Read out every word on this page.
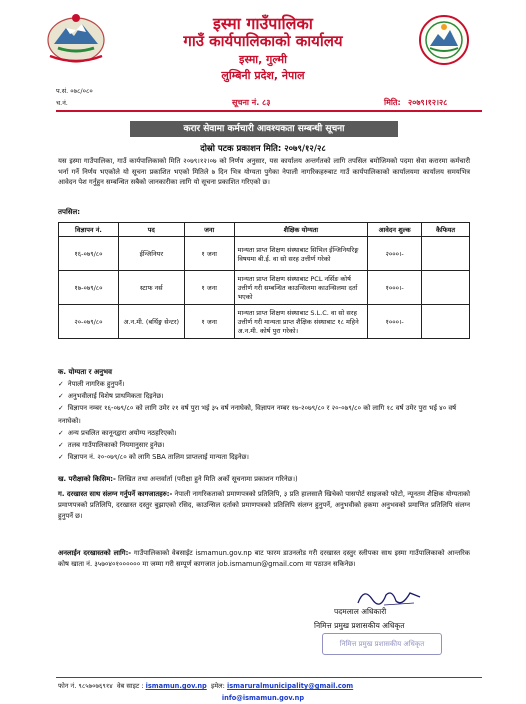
इस्मा गाउँपालिका
गाउँ कार्यपालिकाको कार्यालय
इस्मा, गुल्मी
लुम्बिनी प्रदेश, नेपाल
प.सं. ०७८/०८०
च.नं.	सूचना नं. ८३	मिति: २०७९।१२।२८
करार सेवामा कर्मचारी आवश्यकता सम्बन्धी सूचना
दोस्रो पटक प्रकाशन मिति: २०७९/१२/२८
यस इस्मा गाउँपालिका, गाउँ कार्यपालिकाको मिति २०७९।१२।०७ को निर्णय अनुसार, यस कार्यालय अन्तर्गतको लागि तपसिल बमोजिमको पदमा सेवा करारमा कर्मचारी भर्ना गर्ने निर्णय भएकोले यो सूचना प्रकाशित भएको मितिले ७ दिन भित्र योग्यता पुगेका नेपाली नागरिकहरुबाट गाउँ कार्यपालिकाको कार्यालयमा कार्यालय समयभित्र आवेदन पेश गर्नुहुन सम्बन्धित सबैको जानकारीका लागि यो सूचना प्रकाशित गरिएको छ।
तपसिल:
विज्ञापन नं.	पद	जना	शैक्षिक योग्यता	आवेदन शुल्क	कैफियत
१६-०७९/८०	ईन्जिनियर	१ जना	मान्यता प्राप्त शिक्षण संस्थाबाट सिभिल ईन्जिनियरिङ्ग विषयमा बी.ई. वा सो सरह उत्तीर्ण गरेको	२०००।-	
१७-०७९/८०	स्टाफ नर्स	१ जना	मान्यता प्राप्त शिक्षण संस्थाबाट PCL नर्सिङ कोर्ष उत्तीर्ण गरी सम्बन्धित काउन्सिलमा काउन्सिलमा दर्ता भएको	१०००।-	
२०-०७९/८०	अ.न.मी. (बर्थिङ्ग सेन्टर)	१ जना	मान्यता प्राप्त शिक्षण संस्थाबाट S.L.C. वा सो सरह उत्तीर्ण गरी मान्यता प्राप्त शैक्षिक संस्थाबाट १८ महिने अ.न.मी. कोर्ष पुरा गरेको।	१०००।-	
क. योग्यता र अनुभव
✓ नेपाली नागरिक हुनुपर्ने।
✓ अनुभवीलाई विशेष प्राथमिकता दिइनेछ।
✓ विज्ञापन नम्बर १६-०७९/८० को लागि उमेर २१ वर्ष पुरा भई ३५ वर्ष ननाघेको, विज्ञापन नम्बर १७-२०७९/८० र २०-०७९/८० को लागि १८ वर्ष उमेर पुरा भई ४० वर्ष ननाघेको।
✓ अन्य प्रचलित कानूनद्वारा अयोग्य नठहरिएको।
✓ तलब गाउँपालिकाको नियमानुसार हुनेछ।
✓ विज्ञापन नं. २०-०७९/८० को लागि SBA तालिम प्राप्तलाई मान्यता दिइनेछ।
ख. परीक्षाको किसिम:- लिखित तथा अन्तर्वार्ता (परीक्षा हुने मिति अर्को सूचनामा प्रकाशन गरिनेछ।)
ग. दरखास्त साथ संलग्न गर्नुपर्ने कागजातहरु:- नेपाली नागरिकताको प्रमाणपत्रको प्रतिलिपि, ३ प्रति हालसालै खिचेको पासपोर्ट साइजको फोटो, न्यूनतम शैक्षिक योग्यताको प्रमाणपत्रको प्रतिलिपि, दरखास्त दस्तुर बुझाएको रसिद, काउन्सिल दर्ताको प्रमाणपत्रको प्रतिलिपि संलग्न हुनुपर्ने, अनुभवीको हकमा अनुभवको प्रमाणित प्रतिलिपि संलग्न हुनुपर्ने छ।
अनलाईन दरखास्तको लागि:- गाउँपालिकाको वेबसाईट ismamun.gov.np बाट फारम डाउनलोड गरी दरखास्त दस्तुर स्लीपका साथ इस्मा गाउँपालिकाको आन्तरिक कोष खाता नं. ३५७०४०१०००००० मा जम्मा गरी सम्पूर्ण कागजात job.ismamun@gmail.com मा पठाउन सकिनेछ।
पदमलाल अधिकारी
निमित्त प्रमुख प्रशासकीय अधिकृत
निमित्त प्रमुख प्रशासकीय अधिकृत
फोन नं. ९८५७०७६९१४ वेब साइट : ismamun.gov.np इमेल: ismaruralmunicipality@gmail.com
info@ismamun.gov.np
